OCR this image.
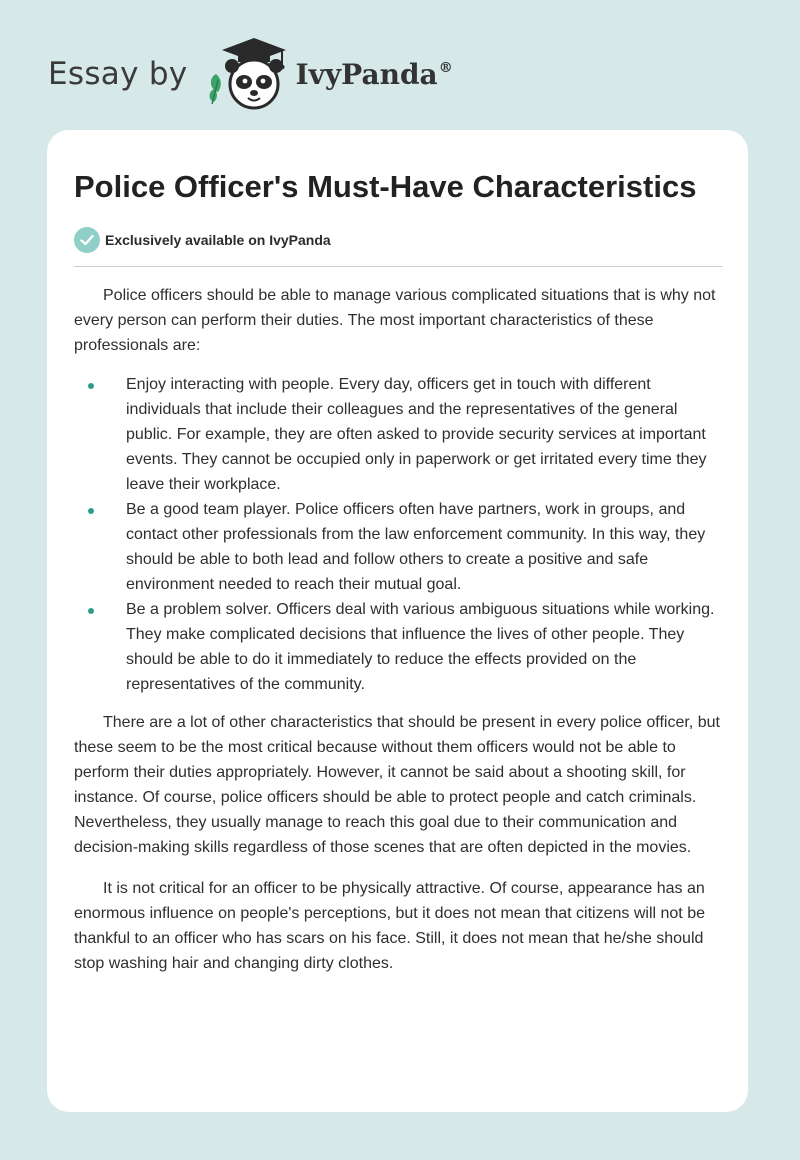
Essay by	IvyPanda®
Police Officer's Must-Have Characteristics
Exclusively available on IvyPanda

Police officers should be able to manage various complicated situations that is why not every person can perform their duties. The most important characteristics of these professionals are:

Enjoy interacting with people. Every day, officers get in touch with different individuals that include their colleagues and the representatives of the general public. For example, they are often asked to provide security services at important events. They cannot be occupied only in paperwork or get irritated every time they leave their workplace.
Be a good team player. Police officers often have partners, work in groups, and contact other professionals from the law enforcement community. In this way, they should be able to both lead and follow others to create a positive and safe environment needed to reach their mutual goal.
Be a problem solver. Officers deal with various ambiguous situations while working. They make complicated decisions that influence the lives of other people. They should be able to do it immediately to reduce the effects provided on the representatives of the community.

There are a lot of other characteristics that should be present in every police officer, but these seem to be the most critical because without them officers would not be able to perform their duties appropriately. However, it cannot be said about a shooting skill, for instance. Of course, police officers should be able to protect people and catch criminals. Nevertheless, they usually manage to reach this goal due to their communication and decision-making skills regardless of those scenes that are often depicted in the movies.

It is not critical for an officer to be physically attractive. Of course, appearance has an enormous influence on people's perceptions, but it does not mean that citizens will not be thankful to an officer who has scars on his face. Still, it does not mean that he/she should stop washing hair and changing dirty clothes.
